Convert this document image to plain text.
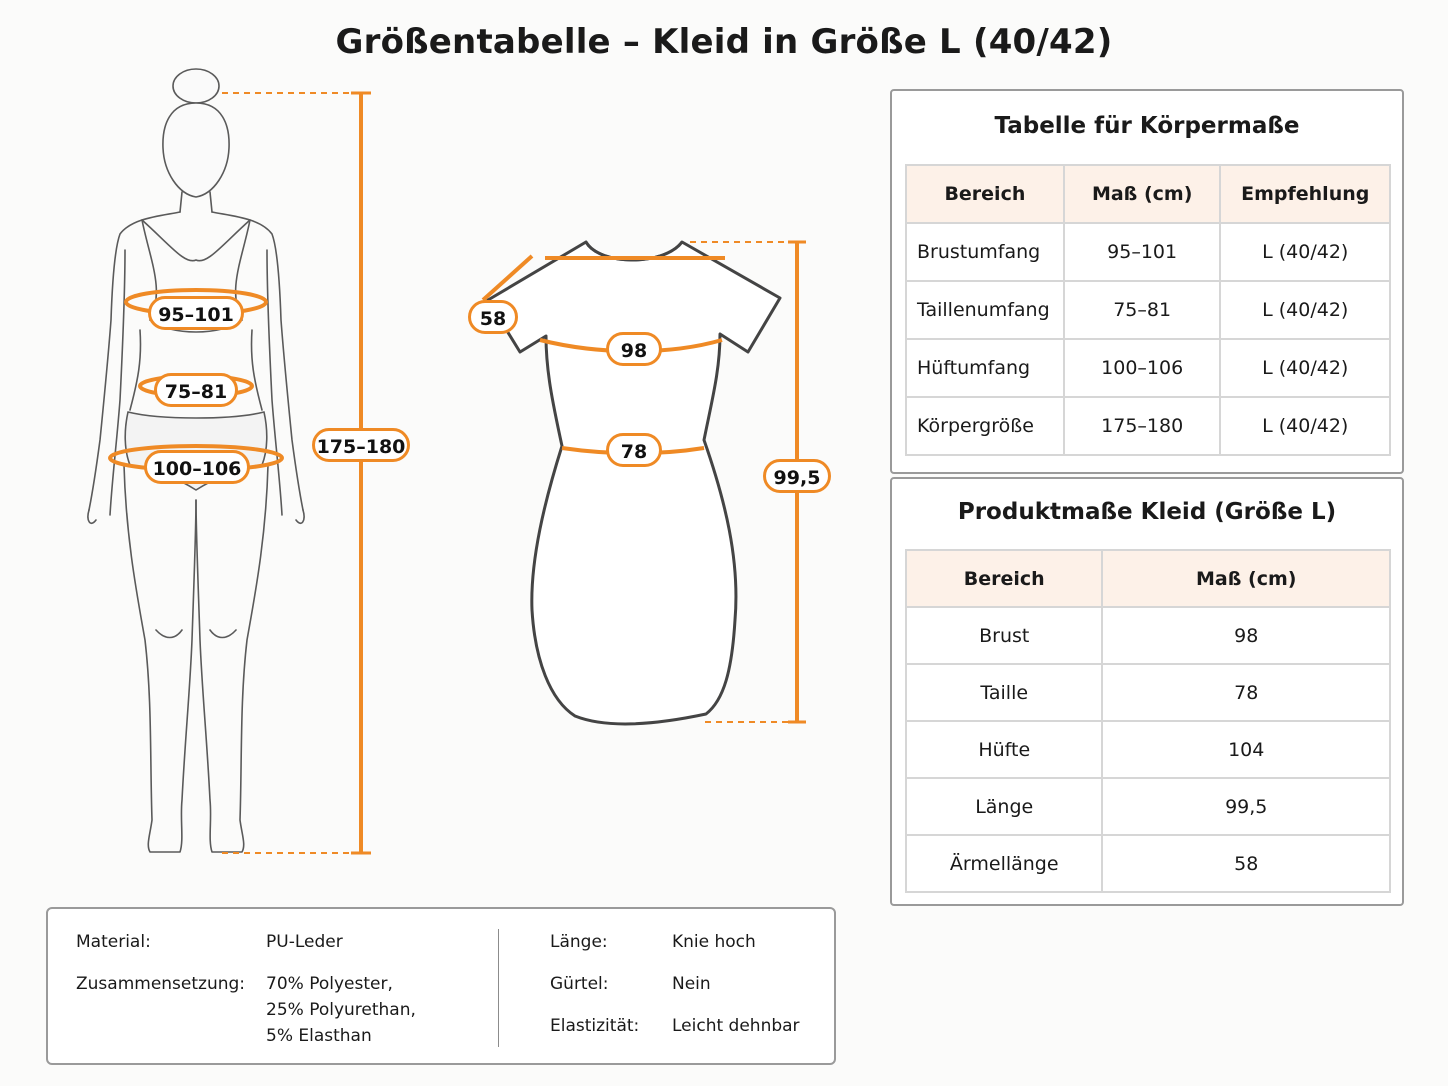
Größentabelle – Kleid in Größe L (40/42)
95–101
75–81
100–106
175–180
58
98
78
99,5
Tabelle für Körpermaße
Bereich	Maß (cm)	Empfehlung
Brustumfang	95–101	L (40/42)
Taillenumfang	75–81	L (40/42)
Hüftumfang	100–106	L (40/42)
Körpergröße	175–180	L (40/42)
Produktmaße Kleid (Größe L)
Bereich	Maß (cm)
Brust	98
Taille	78
Hüfte	104
Länge	99,5
Ärmellänge	58
Material:	PU-Leder
Zusammensetzung: 70% Polyester,
25% Polyurethan,
5% Elasthan
Länge:	Knie hoch
Gürtel:	Nein
Elastizität: Leicht dehnbar
